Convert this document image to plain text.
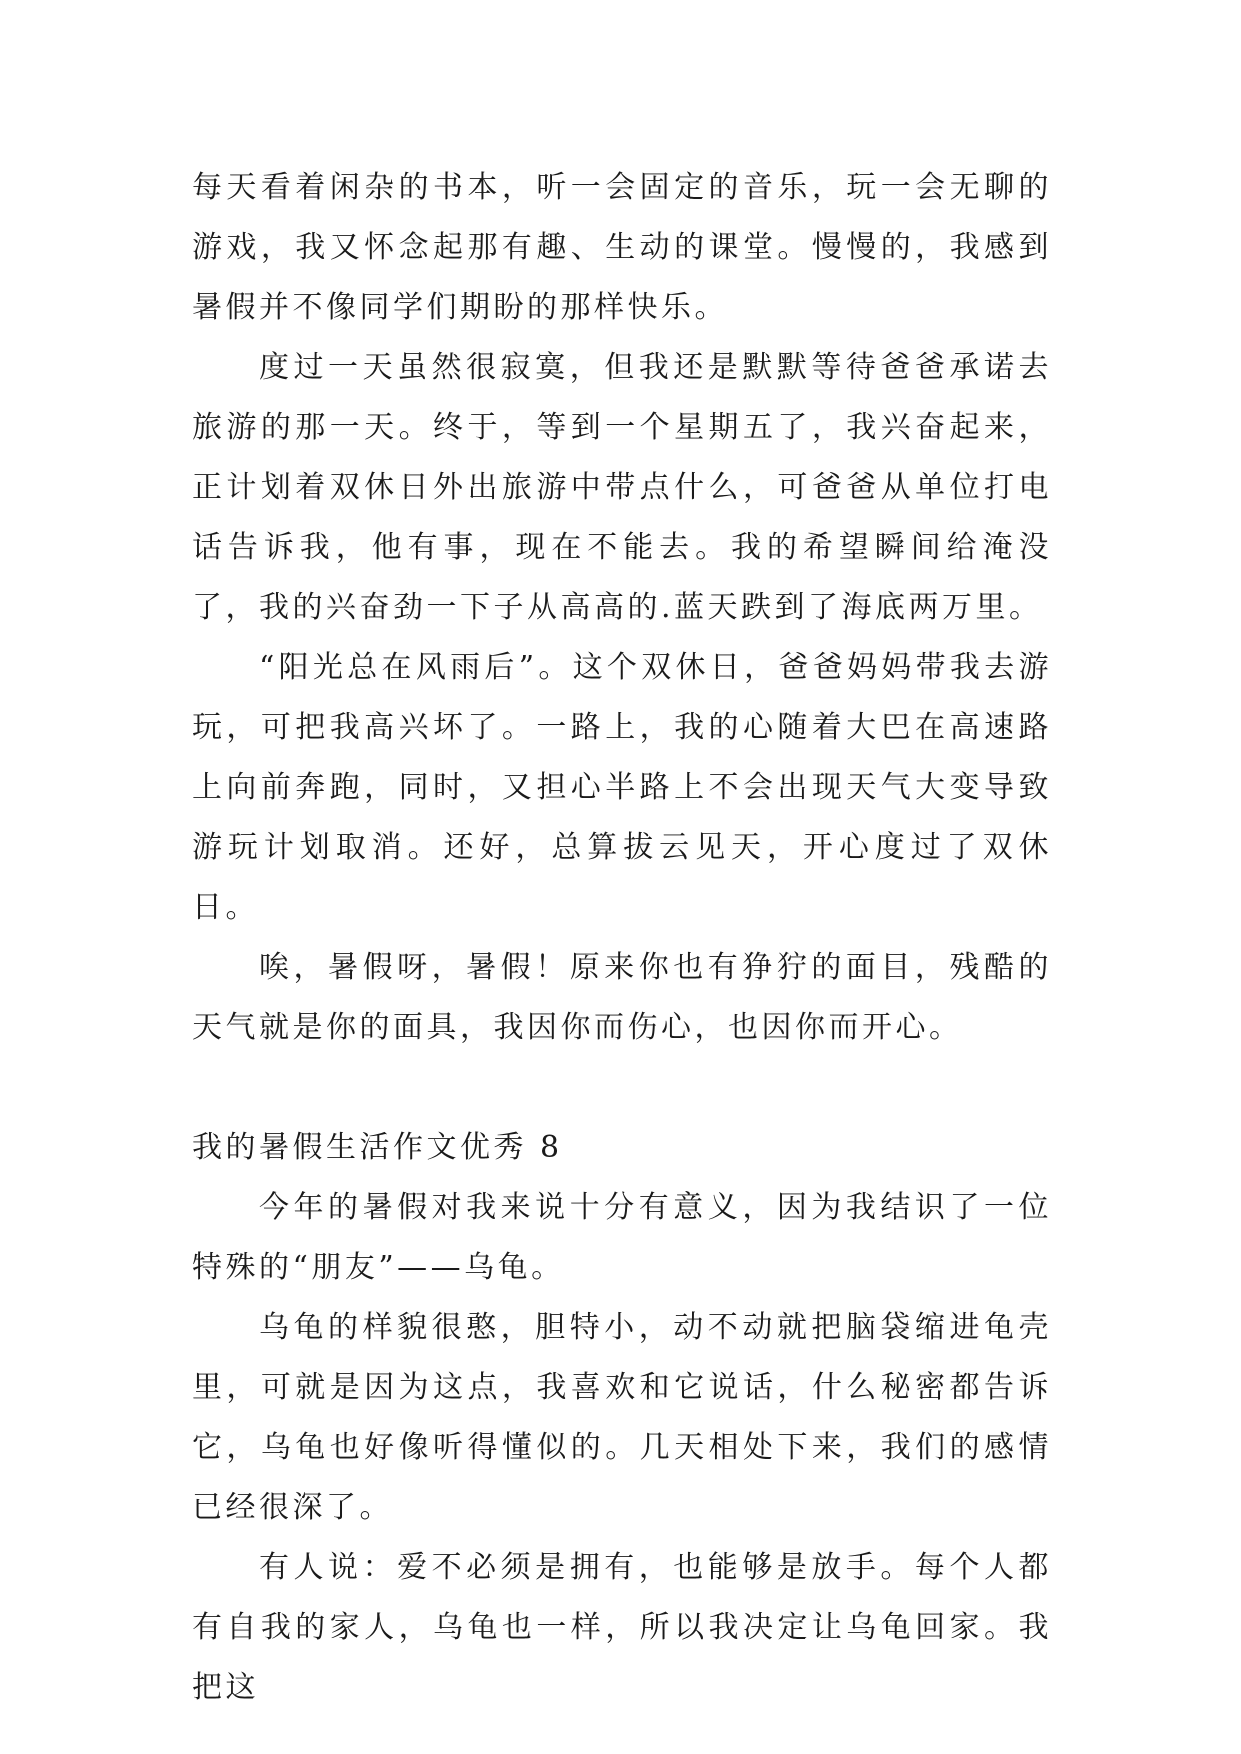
每天看着闲杂的书本，听一会固定的音乐，玩一会无聊的游戏，我又怀念起那有趣、生动的课堂。慢慢的，我感到暑假并不像同学们期盼的那样快乐。

度过一天虽然很寂寞，但我还是默默等待爸爸承诺去旅游的那一天。终于，等到一个星期五了，我兴奋起来，正计划着双休日外出旅游中带点什么，可爸爸从单位打电话告诉我，他有事，现在不能去。我的希望瞬间给淹没了，我的兴奋劲一下子从高高的.蓝天跌到了海底两万里。

“阳光总在风雨后”。这个双休日，爸爸妈妈带我去游玩，可把我高兴坏了。一路上，我的心随着大巴在高速路上向前奔跑，同时，又担心半路上不会出现天气大变导致游玩计划取消。还好，总算拔云见天，开心度过了双休日。

唉，暑假呀，暑假！原来你也有狰狞的面目，残酷的天气就是你的面具，我因你而伤心，也因你而开心。

我的暑假生活作文优秀 8

今年的暑假对我来说十分有意义，因为我结识了一位特殊的“朋友”——乌龟。

乌龟的样貌很憨，胆特小，动不动就把脑袋缩进龟壳里，可就是因为这点，我喜欢和它说话，什么秘密都告诉它，乌龟也好像听得懂似的。几天相处下来，我们的感情已经很深了。

有人说：爱不必须是拥有，也能够是放手。每个人都有自我的家人，乌龟也一样，所以我决定让乌龟回家。我把这
